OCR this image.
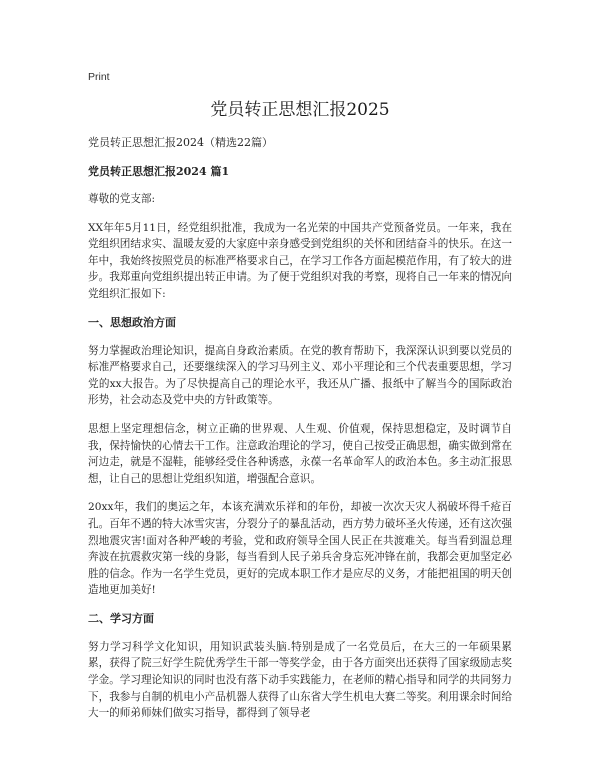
Print
党员转正思想汇报2025

党员转正思想汇报2024（精选22篇）

党员转正思想汇报2024 篇1

尊敬的党支部:

XX年年5月11日，经党组织批准，我成为一名光荣的中国共产党预备党员。一年来，我在党组织团结求实、温暖友爱的大家庭中亲身感受到党组织的关怀和团结奋斗的快乐。在这一年中，我始终按照党员的标准严格要求自己，在学习工作各方面起模范作用，有了较大的进步。我郑重向党组织提出转正申请。为了便于党组织对我的考察，现将自己一年来的情况向党组织汇报如下:

一、思想政治方面

努力掌握政治理论知识，提高自身政治素质。在党的教育帮助下，我深深认识到要以党员的标准严格要求自己，还要继续深入的学习马列主义、邓小平理论和三个代表重要思想，学习党的xx大报告。为了尽快提高自己的理论水平，我还从广播、报纸中了解当今的国际政治形势，社会动态及党中央的方针政策等。

思想上坚定理想信念，树立正确的世界观、人生观、价值观，保持思想稳定，及时调节自我，保持愉快的心情去干工作。注意政治理论的学习，使自己按受正确思想，确实做到常在河边走，就是不湿鞋，能够经受住各种诱惑，永葆一名革命军人的政治本色。多主动汇报思想，让自己的思想让党组织知道，增强配合意识。

20xx年，我们的奥运之年，本该充满欢乐祥和的年份，却被一次次天灾人祸破坏得千疮百孔。百年不遇的特大冰雪灾害，分裂分子的暴乱活动，西方势力破坏圣火传递，还有这次强烈地震灾害!面对各种严峻的考验，党和政府领导全国人民正在共渡难关。每当看到温总理奔波在抗震救灾第一线的身影，每当看到人民子弟兵舍身忘死冲锋在前，我都会更加坚定必胜的信念。作为一名学生党员，更好的完成本职工作才是应尽的义务，才能把祖国的明天创造地更加美好!

二、学习方面

努力学习科学文化知识，用知识武装头脑.特别是成了一名党员后，在大三的一年硕果累累，获得了院三好学生院优秀学生干部一等奖学金，由于各方面突出还获得了国家级励志奖学金。学习理论知识的同时也没有落下动手实践能力，在老师的精心指导和同学的共同努力下，我参与自制的机电小产品机器人获得了山东省大学生机电大赛二等奖。利用课余时间给大一的师弟师妹们做实习指导，都得到了领导老
